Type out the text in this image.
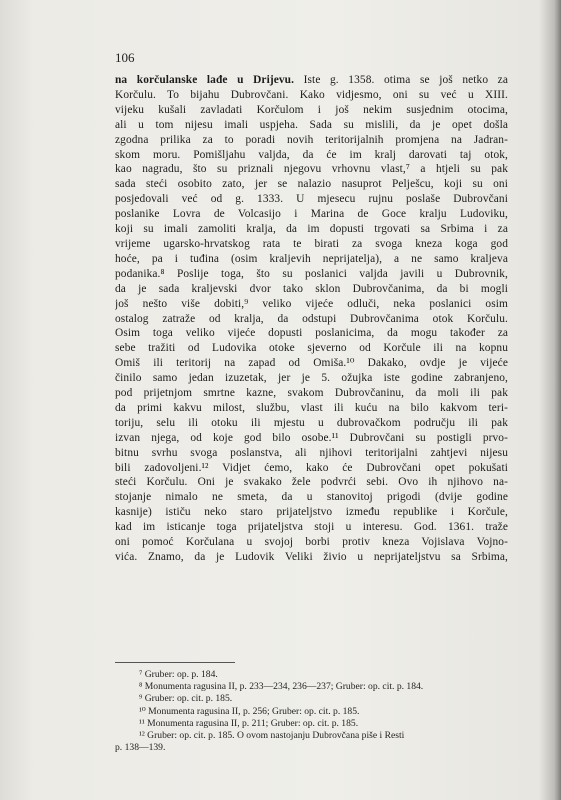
106
na korčulanske lađe u Drijevu. Iste g. 1358. otima se još netko za
Korčulu. To bijahu Dubrovčani. Kako vidjesmo, oni su već u XIII.
vijeku kušali zavladati Korčulom i još nekim susjednim otocima,
ali u tom nijesu imali uspjeha. Sada su mislili, da je opet došla
zgodna prilika za to poradi novih teritorijalnih promjena na Jadran-
skom moru. Pomišljahu valjda, da će im kralj darovati taj otok,
kao nagradu, što su priznali njegovu vrhovnu vlast,⁷ a htjeli su pak
sada steći osobito zato, jer se nalazio nasuprot Pelješcu, koji su oni
posjedovali već od g. 1333. U mjesecu rujnu poslaše Dubrovčani
poslanike Lovra de Volcasijo i Marina de Goce kralju Ludoviku,
koji su imali zamoliti kralja, da im dopusti trgovati sa Srbima i za
vrijeme ugarsko-hrvatskog rata te birati za svoga kneza koga god
hoće, pa i tuđina (osim kraljevih neprijatelja), a ne samo kraljeva
podanika.⁸ Poslije toga, što su poslanici valjda javili u Dubrovnik,
da je sada kraljevski dvor tako sklon Dubrovčanima, da bi mogli
još nešto više dobiti,⁹ veliko vijeće odluči, neka poslanici osim
ostalog zatraže od kralja, da odstupi Dubrovčanima otok Korčulu.
Osim toga veliko vijeće dopusti poslanicima, da mogu također za
sebe tražiti od Ludovika otoke sjeverno od Korčule ili na kopnu
Omiš ili teritorij na zapad od Omiša.¹⁰ Dakako, ovdje je vijeće
činilo samo jedan izuzetak, jer je 5. ožujka iste godine zabranjeno,
pod prijetnjom smrtne kazne, svakom Dubrovčaninu, da moli ili pak
da primi kakvu milost, službu, vlast ili kuću na bilo kakvom teri-
toriju, selu ili otoku ili mjestu u dubrovačkom području ili pak
izvan njega, od koje god bilo osobe.¹¹ Dubrovčani su postigli prvo-
bitnu svrhu svoga poslanstva, ali njihovi teritorijalni zahtjevi nijesu
bili zadovoljeni.¹² Vidjet ćemo, kako će Dubrovčani opet pokušati
steći Korčulu. Oni je svakako žele podvrći sebi. Ovo ih njihovo na-
stojanje nimalo ne smeta, da u stanovitoj prigodi (dvije godine
kasnije) ističu neko staro prijateljstvo između republike i Korčule,
kad im isticanje toga prijateljstva stoji u interesu. God. 1361. traže
oni pomoć Korčulana u svojoj borbi protiv kneza Vojislava Vojno-
vića. Znamo, da je Ludovik Veliki živio u neprijateljstvu sa Srbima,
⁷ Gruber: op. p. 184.
⁸ Monumenta ragusina II, p. 233—234, 236—237; Gruber: op. cit. p. 184.
⁹ Gruber: op. cit. p. 185.
¹⁰ Monumenta ragusina II, p. 256; Gruber: op. cit. p. 185.
¹¹ Monumenta ragusina II, p. 211; Gruber: op. cit. p. 185.
¹² Gruber: op. cit. p. 185. O ovom nastojanju Dubrovčana piše i Resti
p. 138—139.
